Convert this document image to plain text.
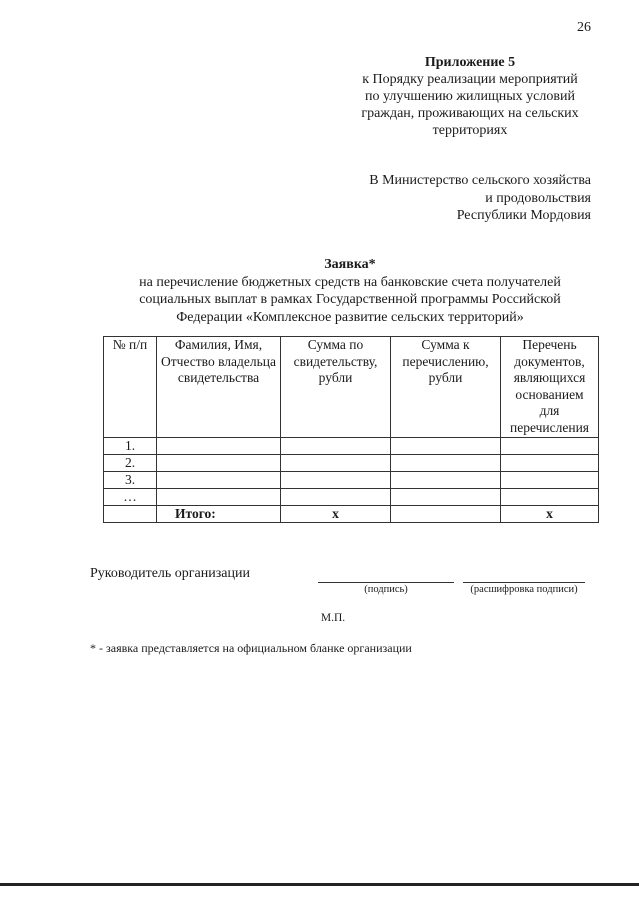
26
Приложение 5
к Порядку реализации мероприятий
по улучшению жилищных условий
граждан, проживающих на сельских
территориях
В Министерство сельского хозяйства
и продовольствия
Республики Мордовия
Заявка*
на перечисление бюджетных средств на банковские счета получателей
социальных выплат в рамках Государственной программы Российской
Федерации «Комплексное развитие сельских территорий»
№ п/п	Фамилия, Имя, Отчество владельца свидетельства	Сумма по свидетельству, рубли	Сумма к перечислению, рубли	Перечень документов, являющихся основанием для перечисления
1.				
2.				
3.				
…				
	Итого:	х		х
Руководитель организации
(подпись)	(расшифровка подписи)
М.П.
* - заявка представляется на официальном бланке организации
